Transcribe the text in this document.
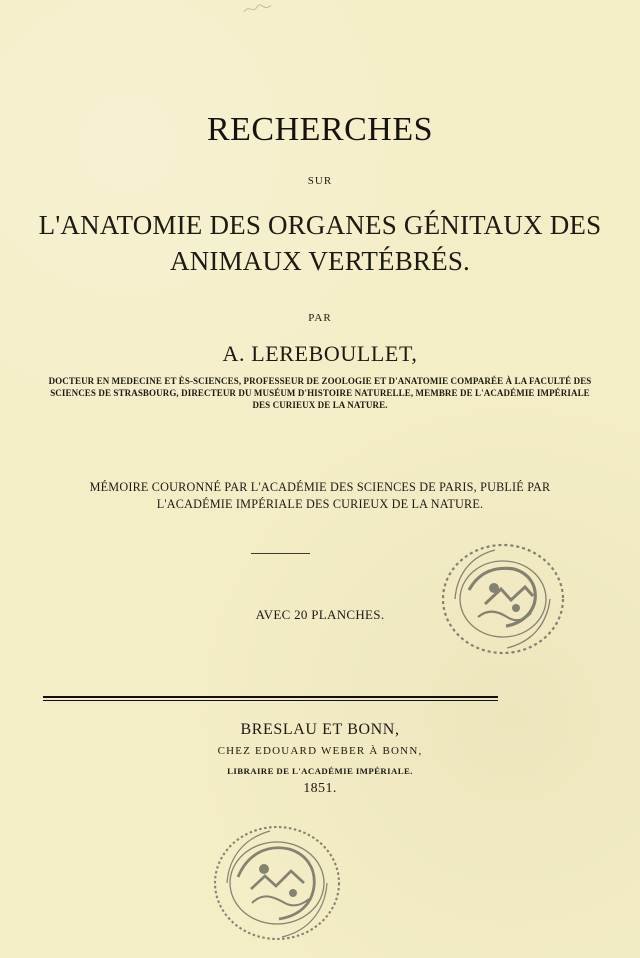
RECHERCHES
SUR
L'ANATOMIE DES ORGANES GÉNITAUX DES
ANIMAUX VERTÉBRÉS.
PAR
A. LEREBOULLET,
DOCTEUR EN MEDECINE ET ÈS-SCIENCES, PROFESSEUR DE ZOOLOGIE ET D'ANATOMIE COMPARÉE À LA FACULTÉ DES
SCIENCES DE STRASBOURG, DIRECTEUR DU MUSÉUM D'HISTOIRE NATURELLE, MEMBRE DE L'ACADÉMIE IMPÉRIALE
DES CURIEUX DE LA NATURE.
MÉMOIRE COURONNÉ PAR L'ACADÉMIE DES SCIENCES DE PARIS, PUBLIÉ PAR
L'ACADÉMIE IMPÉRIALE DES CURIEUX DE LA NATURE.
AVEC 20 PLANCHES.
BRESLAU ET BONN,
CHEZ EDOUARD WEBER À BONN,
LIBRAIRE DE L'ACADÉMIE IMPÉRIALE.
1851.
